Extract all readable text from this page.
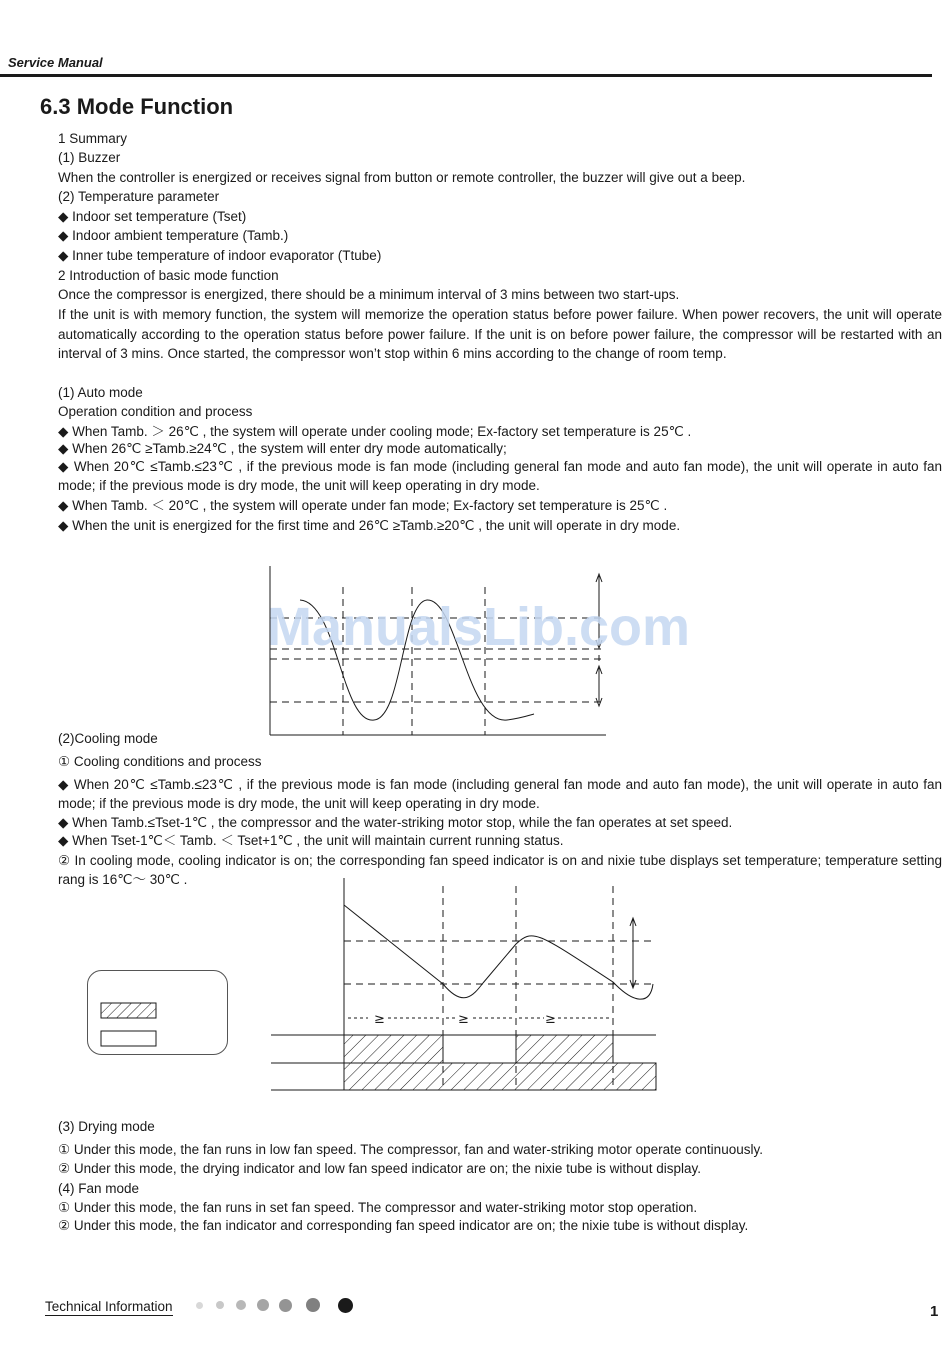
Service Manual
6.3 Mode Function
1 Summary
(1) Buzzer
When the controller is energized or receives signal from button or remote controller, the buzzer will give out a beep.
(2) Temperature parameter
◆ Indoor set temperature (Tset)
◆ Indoor ambient temperature (Tamb.)
◆ Inner tube temperature of indoor evaporator (Ttube)
2 Introduction of basic mode function
Once the compressor is energized, there should be a minimum interval of 3 mins between two start-ups.
If the unit is with memory function, the system will memorize the operation status before power failure. When power recovers, the unit will operate automatically according to the operation status before power failure. If the unit is on before power failure, the compressor will be restarted with an interval of 3 mins. Once started, the compressor won’t stop within 6 mins according to the change of room temp.
(1) Auto mode
Operation condition and process
◆ When Tamb. ＞ 26℃ , the system will operate under cooling mode; Ex-factory set temperature is 25℃ .
◆ When 26℃ ≥Tamb.≥24℃ , the system will enter dry mode automatically;
◆ When 20℃ ≤Tamb.≤23℃ , if the previous mode is fan mode (including general fan mode and auto fan mode), the unit will operate in auto fan mode; if the previous mode is dry mode, the unit will keep operating in dry mode.
◆ When Tamb. ＜ 20℃ , the system will operate under fan mode; Ex-factory set temperature is 25℃ .
◆ When the unit is energized for the first time and 26℃ ≥Tamb.≥20℃ , the unit will operate in dry mode.
ManualsLib.com
(2)Cooling mode
① Cooling conditions and process
◆ When 20℃ ≤Tamb.≤23℃ , if the previous mode is fan mode (including general fan mode and auto fan mode), the unit will operate in auto fan mode; if the previous mode is dry mode, the unit will keep operating in dry mode.
◆ When Tamb.≤Tset-1℃ , the compressor and the water-striking motor stop, while the fan operates at set speed.
◆ When Tset-1℃＜ Tamb. ＜ Tset+1℃ , the unit will maintain current running status.
② In cooling mode, cooling indicator is on; the corresponding fan speed indicator is on and nixie tube displays set temperature; temperature setting rang is 16℃～ 30℃ .
≥	≥	≥
(3) Drying mode
① Under this mode, the fan runs in low fan speed. The compressor, fan and water-striking motor operate continuously.
② Under this mode, the drying indicator and low fan speed indicator are on; the nixie tube is without display.
(4) Fan mode
① Under this mode, the fan runs in set fan speed. The compressor and water-striking motor stop operation.
② Under this mode, the fan indicator and corresponding fan speed indicator are on; the nixie tube is without display.
Technical Information	1
